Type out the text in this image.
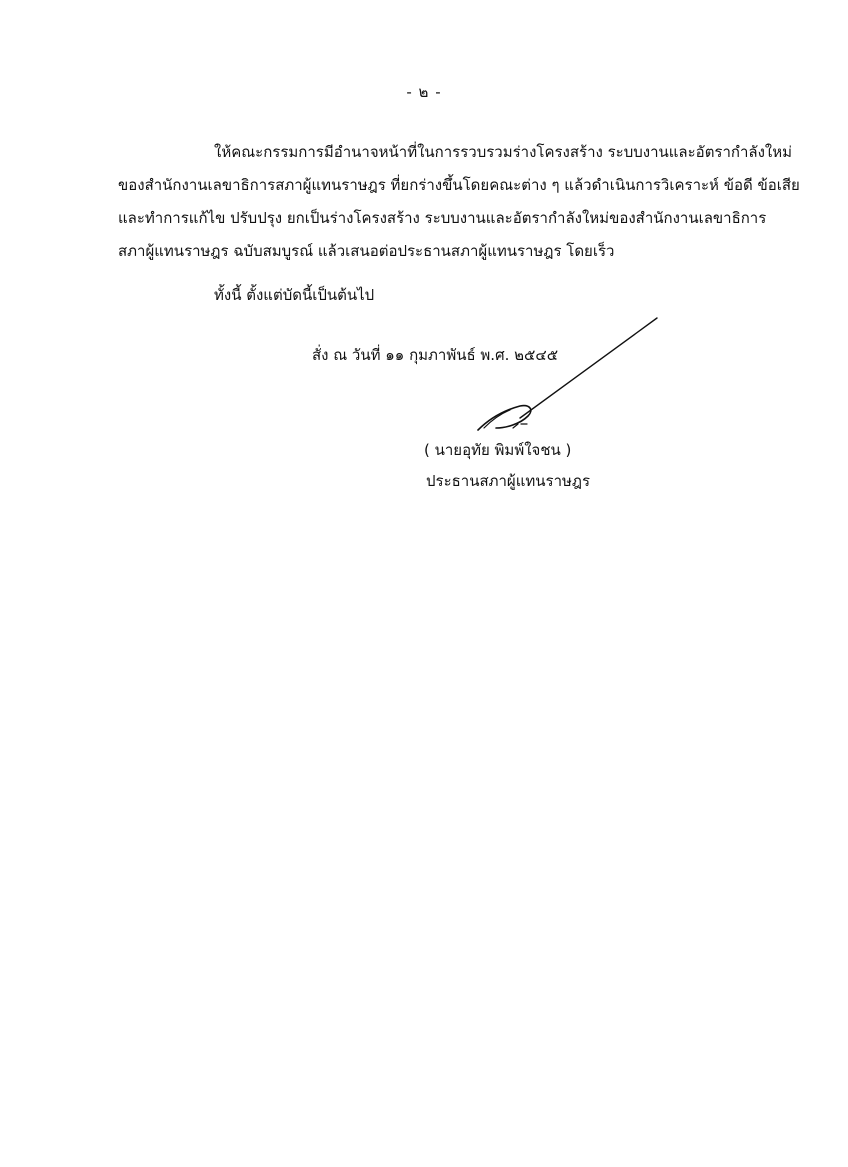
- ๒ -
ให้คณะกรรมการมีอำนาจหน้าที่ในการรวบรวมร่างโครงสร้าง ระบบงานและอัตรากำลังใหม่
ของสำนักงานเลขาธิการสภาผู้แทนราษฎร ที่ยกร่างขึ้นโดยคณะต่าง ๆ แล้วดำเนินการวิเคราะห์ ข้อดี ข้อเสีย
และทำการแก้ไข ปรับปรุง ยกเป็นร่างโครงสร้าง ระบบงานและอัตรากำลังใหม่ของสำนักงานเลขาธิการ
สภาผู้แทนราษฎร ฉบับสมบูรณ์ แล้วเสนอต่อประธานสภาผู้แทนราษฎร โดยเร็ว
ทั้งนี้ ตั้งแต่บัดนี้เป็นต้นไป
สั่ง ณ วันที่ ๑๑ กุมภาพันธ์ พ.ศ. ๒๕๔๕
( นายอุทัย พิมพ์ใจชน )
ประธานสภาผู้แทนราษฎร
